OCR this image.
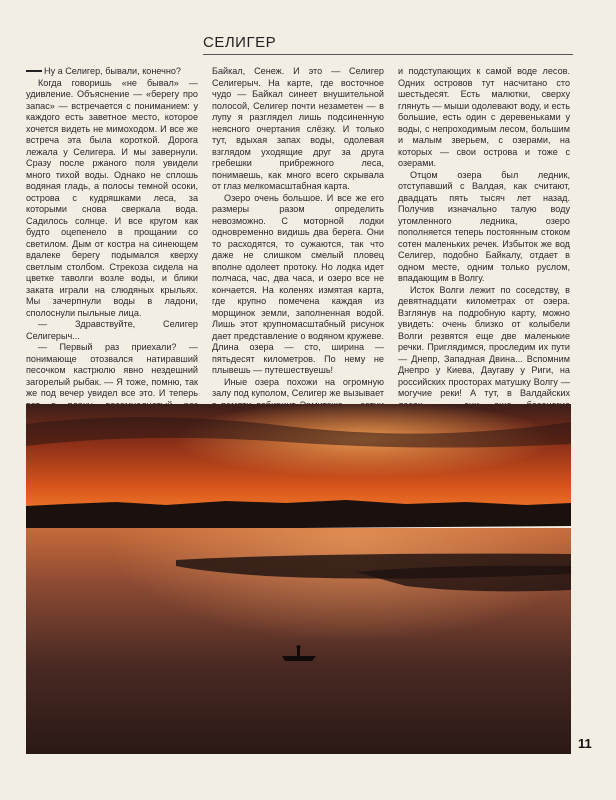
СЕЛИГЕР

Ну а Селигер, бывали, конечно?

Когда говоришь «не бывал» — удивление. Объяснение — «берегу про запас» — встречается с пониманием: у каждого есть заветное место, которое хочется видеть не мимоходом. И все же встреча эта была короткой. Дорога лежала у Селигера. И мы завернули. Сразу после ржаного поля увидели много тихой воды. Однако не сплошь водяная гладь, а полосы темной осоки, острова с кудряшками леса, за которыми снова сверкала вода. Садилось солнце. И все кругом как будто оцепенело в прощании со светилом. Дым от костра на синеющем вдалеке берегу подымался кверху светлым столбом. Стрекоза сидела на цветке таволги возле воды, и блики заката играли на слюдяных крыльях. Мы зачерпнули воды в ладони, сполоснули пыльные лица.

— Здравствуйте, Селигер Селигерыч...

— Первый раз приехали? — понимающе отозвался натиравший песочком кастрюлю явно нездешний загорелый рыбак. — Я тоже, помню, так же под вечер увидел все это. И теперь

Байкал, Сенеж. И это — Селигер Селигерыч. На карте, где восточное чудо — Байкал синеет внушительной полосой, Селигер почти незаметен — в лупу я разглядел лишь подсиненную неясного очертания слёзку. И только тут, вдыхая запах воды, одолевая взглядом уходящие друг за друга гребешки прибрежного леса, понимаешь, как много всего скрывала от глаз мелкомасштабная карта.

Озеро очень большое. И все же его размеры разом определить невозможно. С моторной лодки одновременно видишь два берега. Они то расходятся, то сужаются, так что даже не слишком смелый пловец вполне одолеет протоку. Но лодка идет полчаса, час, два часа, и озеро все не кончается. На коленях измятая карта, где крупно помечена каждая из морщинок земли, заполненная водой. Лишь этот крупномасштабный рисунок дает представление о водяном кружеве. Длина озера — сто, ширина — пятьдесят километров. По нему не плывешь — путешествуешь!

Иные озера похожи на огромную залу под куполом, Селигер же вызывает

и подступающих к самой воде лесов. Одних островов тут насчитано сто шестьдесят. Есть малютки, сверху глянуть — мыши одолевают воду, и есть большие, есть один с деревеньками у воды, с непроходимым лесом, большим и малым зверьем, с озерами, на которых — свои острова и тоже с озерами.

Отцом озера был ледник, отступавший с Валдая, как считают, двадцать пять тысяч лет назад. Получив изначально талую воду утомленного ледника, озеро пополняется теперь постоянным стоком сотен маленьких речек. Избыток же вод Селигер, подобно Байкалу, отдает в одном месте, одним только руслом, впадающим в Волгу.

Исток Волги лежит по соседству, в девятнадцати километрах от озера. Взглянув на подробную карту, можно увидеть: очень близко от колыбели Волги резвятся еще две маленькие речки. Приглядимся, проследим их пути — Днепр, Западная Двина... Вспомним Днепро у Киева, Даугаву у Риги, на российских просторах матушку Волгу — могучие реки! А тут, в Валдайских

11
